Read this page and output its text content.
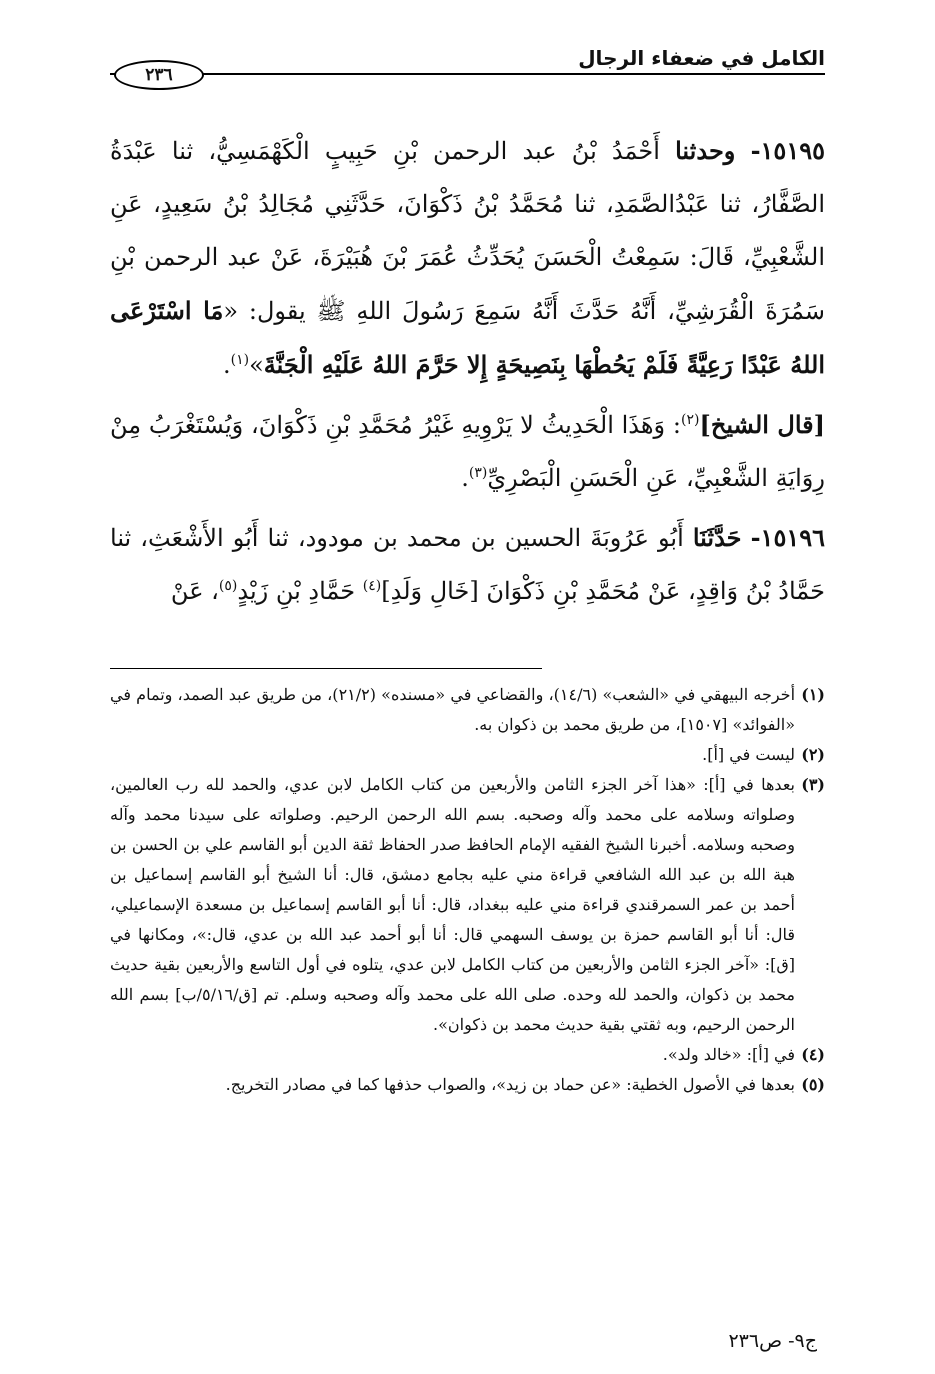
الكامل في ضعفاء الرجال
٢٣٦

١٥١٩٥- وحدثنا أَحْمَدُ بْنُ عبد الرحمن بْنِ حَبِيبٍ الْكَهْمَسِيُّ، ثنا عَبْدَةُ الصَّفَّارُ، ثنا عَبْدُالصَّمَدِ، ثنا مُحَمَّدُ بْنُ ذَكْوَانَ، حَدَّثَنِي مُجَالِدُ بْنُ سَعِيدٍ، عَنِ الشَّعْبِيِّ، قَالَ: سَمِعْتُ الْحَسَنَ يُحَدِّثُ عُمَرَ بْنَ هُبَيْرَةَ، عَنْ عبد الرحمن بْنِ سَمُرَةَ الْقُرَشِيِّ، أَنَّهُ حَدَّثَ أَنَّهُ سَمِعَ رَسُولَ اللهِ ﷺ يقول: «مَا اسْتَرْعَى اللهُ عَبْدًا رَعِيَّةً فَلَمْ يَحُطْهَا بِنَصِيحَةٍ إِلا حَرَّمَ اللهُ عَلَيْهِ الْجَنَّةَ»$^{(١)}$.

[قال الشيخ]$^{(٢)}$: وَهَذَا الْحَدِيثُ لا يَرْوِيهِ غَيْرُ مُحَمَّدِ بْنِ ذَكْوَانَ، وَيُسْتَغْرَبُ مِنْ رِوَايَةِ الشَّعْبِيِّ، عَنِ الْحَسَنِ الْبَصْرِيِّ$^{(٣)}$.

١٥١٩٦- حَدَّثَنَا أَبُو عَرُوبَةَ الحسين بن محمد بن مودود، ثنا أَبُو الأَشْعَثِ، ثنا حَمَّادُ بْنُ وَاقِدٍ، عَنْ مُحَمَّدِ بْنِ ذَكْوَانَ [خَالِ وَلَدِ]$^{(٤)}$ حَمَّادِ بْنِ زَيْدٍ$^{(٥)}$، عَنْ

(١)
أخرجه البيهقي في «الشعب» (١٤/٦)، والقضاعي في «مسنده» (٢١/٢)، من طريق عبد الصمد، وتمام في «الفوائد» [١٥٠٧]، من طريق محمد بن ذكوان به.
(٢)
ليست في [أ].
(٣)
بعدها في [أ]: «هذا آخر الجزء الثامن والأربعين من كتاب الكامل لابن عدي، والحمد لله رب العالمين، وصلواته وسلامه على محمد وآله وصحبه. بسم الله الرحمن الرحيم. وصلواته على سيدنا محمد وآله وصحبه وسلامه. أخبرنا الشيخ الفقيه الإمام الحافظ صدر الحفاظ ثقة الدين أبو القاسم علي بن الحسن بن هبة الله بن عبد الله الشافعي قراءة مني عليه بجامع دمشق، قال: أنا الشيخ أبو القاسم إسماعيل بن أحمد بن عمر السمرقندي قراءة مني عليه ببغداد، قال: أنا أبو القاسم إسماعيل بن مسعدة الإسماعيلي، قال: أنا أبو القاسم حمزة بن يوسف السهمي قال: أنا أبو أحمد عبد الله بن عدي، قال:»، ومكانها في [ق]: «آخر الجزء الثامن والأربعين من كتاب الكامل لابن عدي، يتلوه في أول التاسع والأربعين بقية حديث محمد بن ذكوان، والحمد لله وحده. صلى الله على محمد وآله وصحبه وسلم. تم [ق/٥/١٦/ب] بسم الله الرحمن الرحيم، وبه ثقتي بقية حديث محمد بن ذكوان».
(٤)
في [أ]: «خالد ولد».
(٥)
بعدها في الأصول الخطية: «عن حماد بن زيد»، والصواب حذفها كما في مصادر التخريج.
ج٩- ص٢٣٦
